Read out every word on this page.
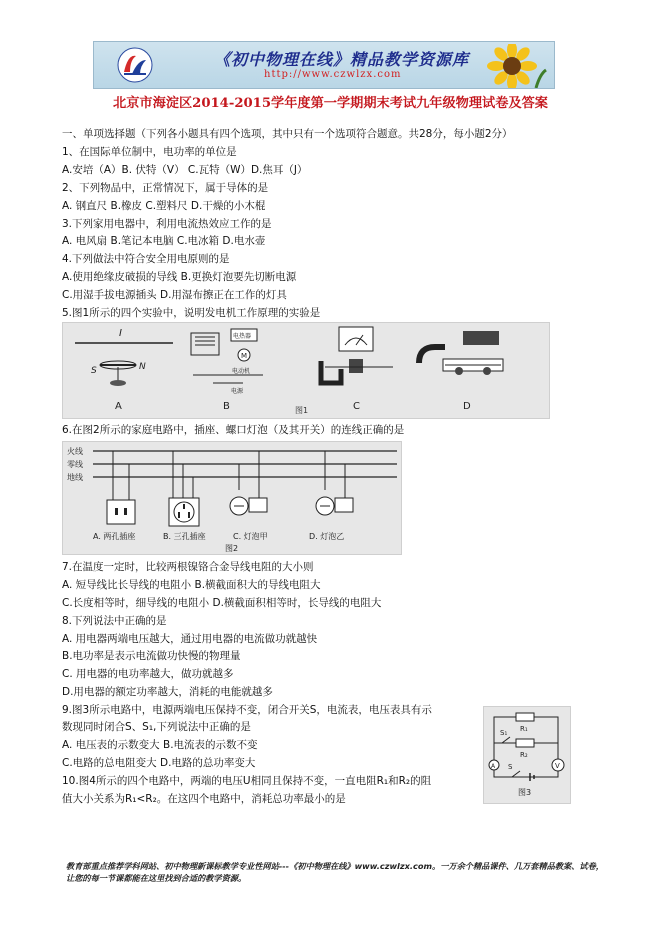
《初中物理在线》精品教学资源库
http://www.czwlzx.com
北京市海淀区2014-2015学年度第一学期期末考试九年级物理试卷及答案
一、单项选择题（下列各小题具有四个选项，其中只有一个选项符合题意。共28分，每小题2分）
1、在国际单位制中，电功率的单位是
A.安培（A）B. 伏特（V） C.瓦特（W）D.焦耳（J）
2、下列物品中，正常情况下，属于导体的是
A. 钢直尺 B.橡皮 C.塑料尺 D.干燥的小木棍
3.下列家用电器中，利用电流热效应工作的是
A. 电风扇 B.笔记本电脑 C.电冰箱 D.电水壶
4.下列做法中符合安全用电原则的是
A.使用绝缘皮破损的导线 B.更换灯泡要先切断电源
C.用湿手拔电源插头 D.用湿布擦正在工作的灯具
5.图1所示的四个实验中，说明发电机工作原理的实验是
I
S	N
A
电热器
M
电动机
电源
B	C	D
图1
6.在图2所示的家庭电路中，插座、螺口灯泡（及其开关）的连线正确的是
火线
零线
地线
A. 两孔插座	B. 三孔插座	C. 灯泡甲	D. 灯泡乙
图2
7.在温度一定时，比较两根镍铬合金导线电阻的大小则
A. 短导线比长导线的电阻小 B.横截面积大的导线电阻大
C.长度相等时，细导线的电阻小 D.横截面积相等时，长导线的电阻大
8.下列说法中正确的是
A. 用电器两端电压越大，通过用电器的电流做功就越快
B.电功率是表示电流做功快慢的物理量
C. 用电器的电功率越大，做功就越多
D.用电器的额定功率越大，消耗的电能就越多
9.图3所示电路中，电源两端电压保持不变，闭合开关S，电流表，电压表具有示
数现同时闭合S、S₁,下列说法中正确的是
A. 电压表的示数变大 B.电流表的示数不变
C.电路的总电阻变大 D.电路的总功率变大
10.图4所示的四个电路中，两端的电压U相同且保持不变，一直电阻R₁和R₂的阻
值大小关系为R₁<R₂。在这四个电路中，消耗总功率最小的是
R₁
R₂
S₁
S	V
A
图3
教育部重点推荐学科网站、初中物理新课标教学专业性网站---《初中物理在线》www.czwlzx.com。一万余个精品课件、几万套精品教案、试卷，让您的每一节课都能在这里找到合适的教学资源。
